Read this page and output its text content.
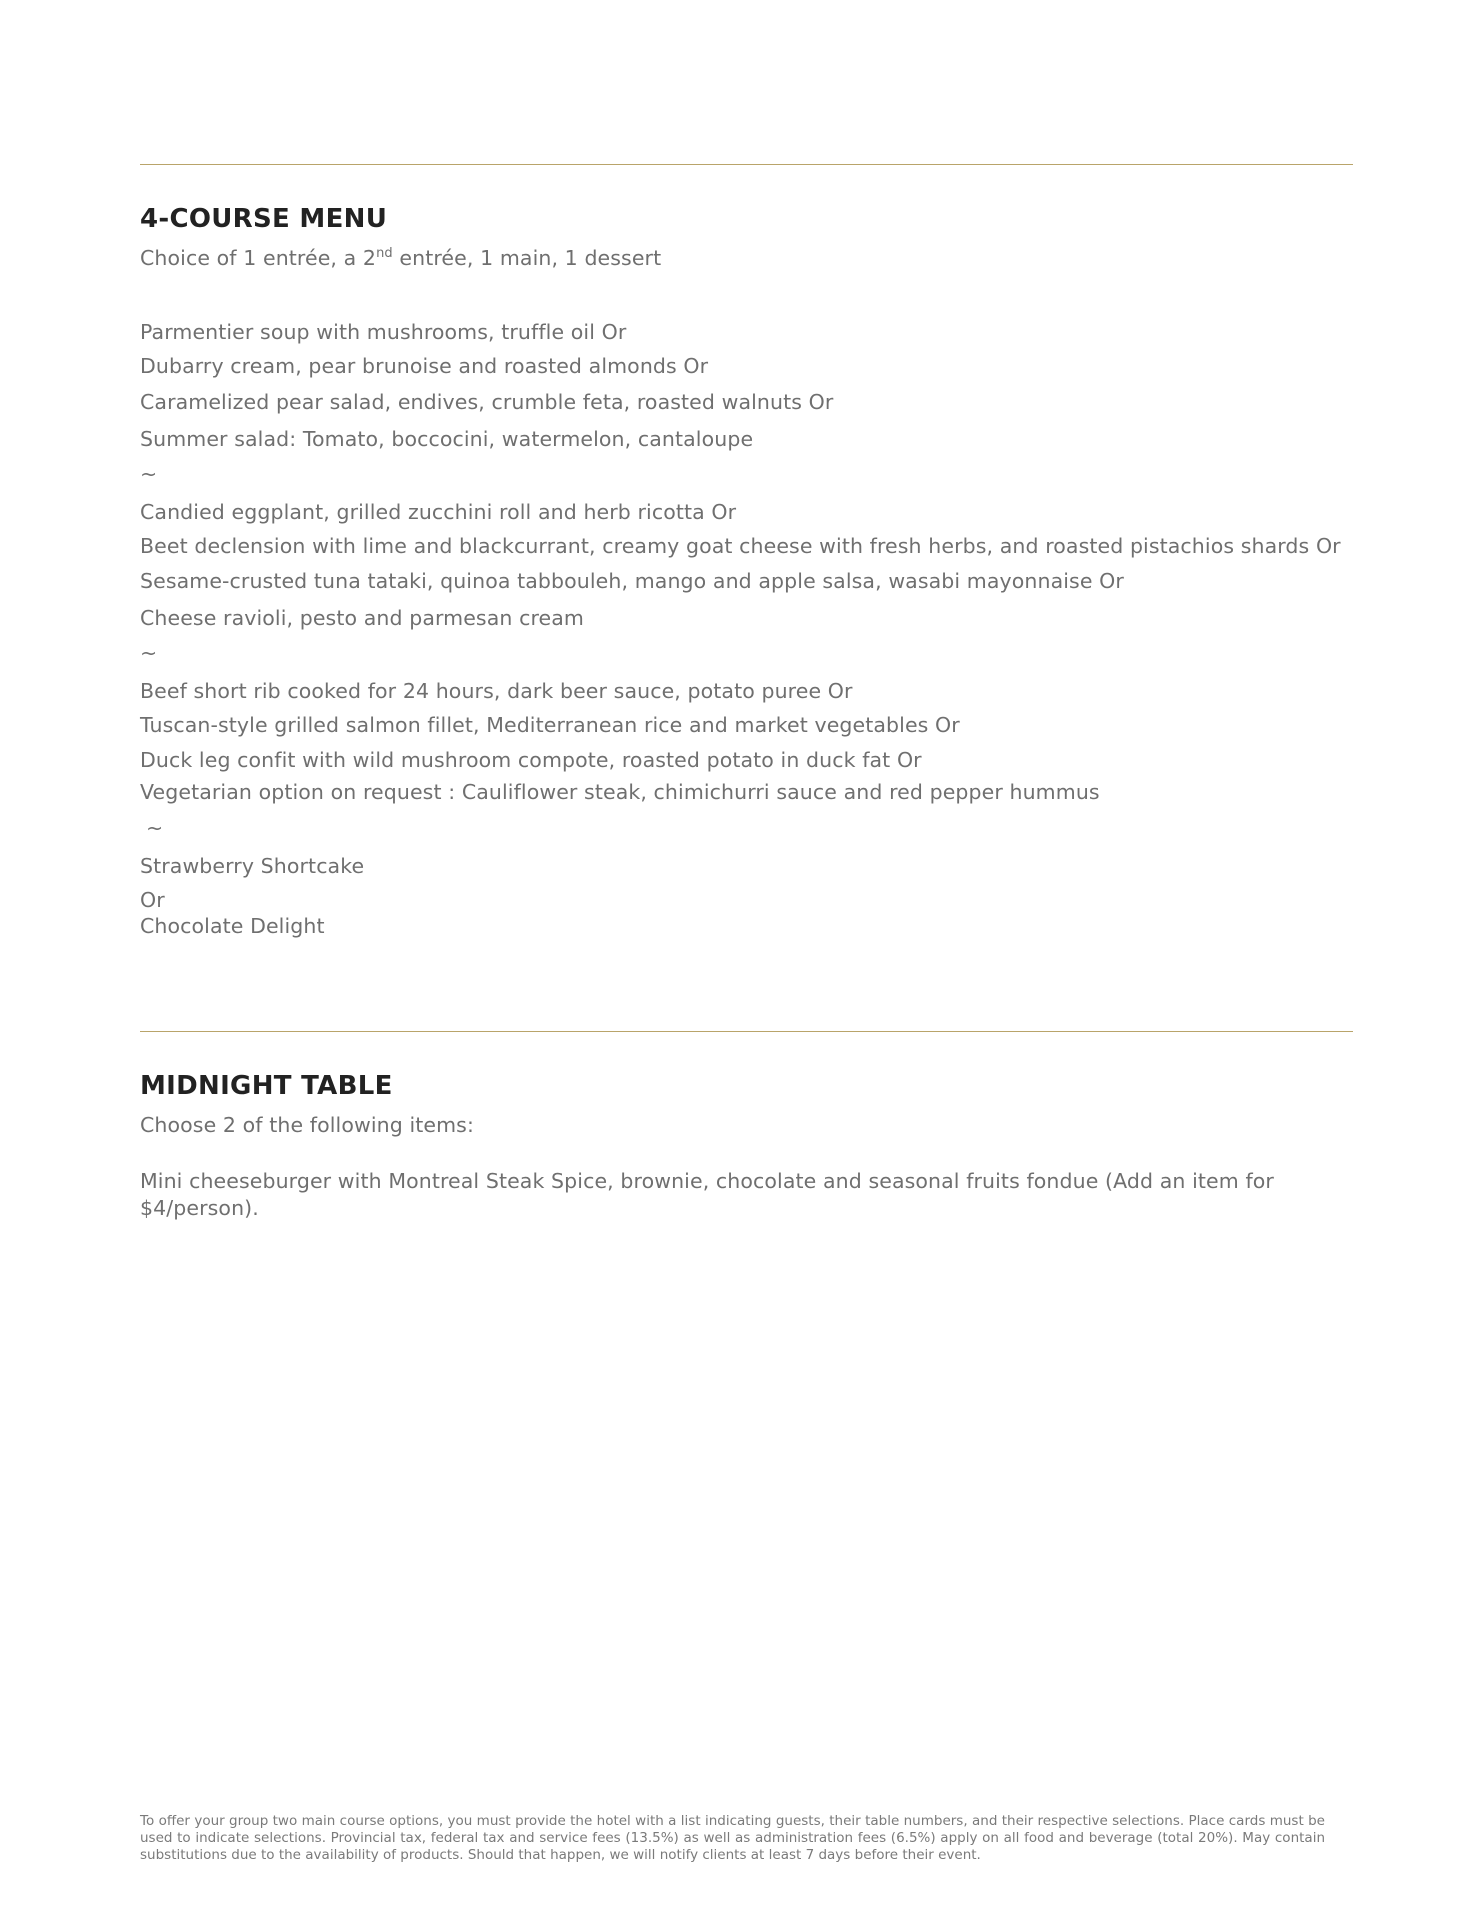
4-COURSE MENU

Choice of 1 entrée, a 2nd entrée, 1 main, 1 dessert

Parmentier soup with mushrooms, truffle oil Or

Dubarry cream, pear brunoise and roasted almonds Or

Caramelized pear salad, endives, crumble feta, roasted walnuts Or

Summer salad: Tomato, boccocini, watermelon, cantaloupe

~

Candied eggplant, grilled zucchini roll and herb ricotta Or

Beet declension with lime and blackcurrant, creamy goat cheese with fresh herbs, and roasted pistachios shards Or

Sesame-crusted tuna tataki, quinoa tabbouleh, mango and apple salsa, wasabi mayonnaise Or

Cheese ravioli, pesto and parmesan cream

~

Beef short rib cooked for 24 hours, dark beer sauce, potato puree Or

Tuscan-style grilled salmon fillet, Mediterranean rice and market vegetables Or

Duck leg confit with wild mushroom compote, roasted potato in duck fat Or

Vegetarian option on request : Cauliflower steak, chimichurri sauce and red pepper hummus

~

Strawberry Shortcake

Or

Chocolate Delight

MIDNIGHT TABLE

Choose 2 of the following items:

Mini cheeseburger with Montreal Steak Spice, brownie, chocolate and seasonal fruits fondue (Add an item for $4/person).

To offer your group two main course options, you must provide the hotel with a list indicating guests, their table numbers, and their respective selections. Place cards must be used to indicate selections. Provincial tax, federal tax and service fees (13.5%) as well as administration fees (6.5%) apply on all food and beverage (total 20%). May contain substitutions due to the availability of products. Should that happen, we will notify clients at least 7 days before their event.
